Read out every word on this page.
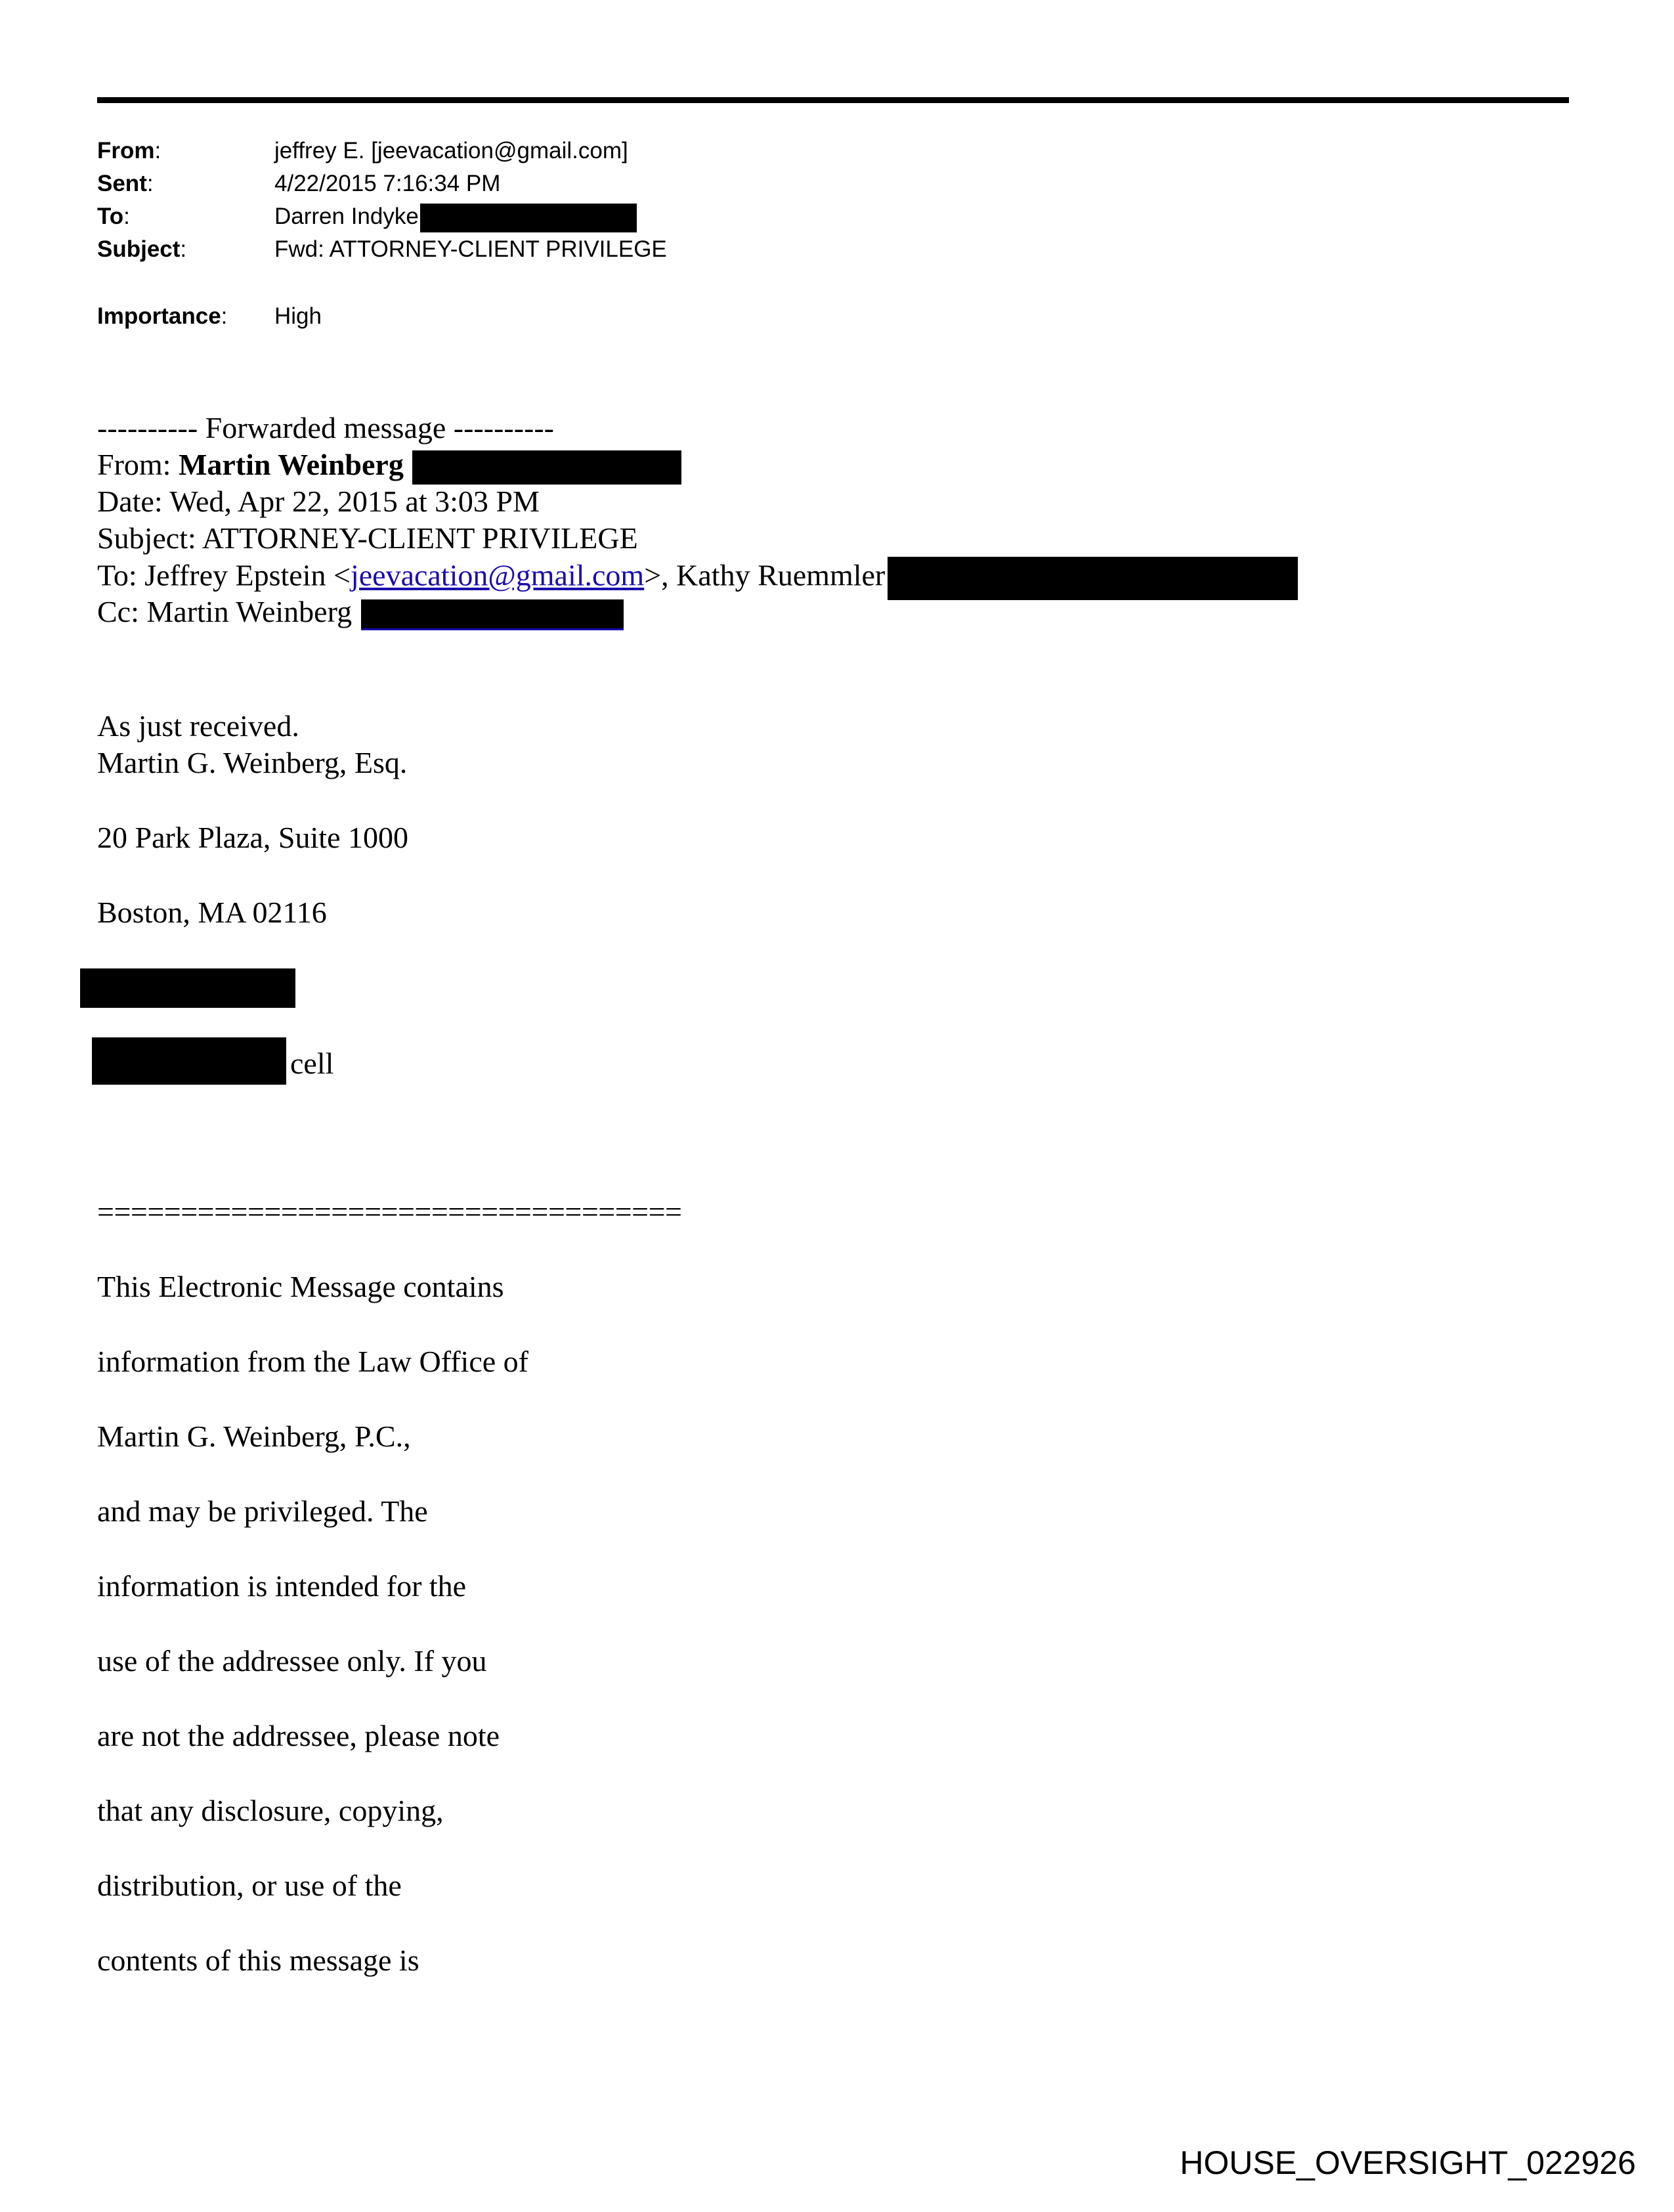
From:	jeffrey E. [jeevacation@gmail.com]
Sent:	4/22/2015 7:16:34 PM
To:	Darren Indyke
Subject:	Fwd: ATTORNEY-CLIENT PRIVILEGE
Importance: High
---------- Forwarded message ----------
From: Martin Weinberg
Date: Wed, Apr 22, 2015 at 3:03 PM
Subject: ATTORNEY-CLIENT PRIVILEGE
To: Jeffrey Epstein <jeevacation@gmail.com>, Kathy Ruemmler
Cc: Martin Weinberg
As just received.
Martin G. Weinberg, Esq.
20 Park Plaza, Suite 1000
Boston, MA 02116
cell
===================================
This Electronic Message contains
information from the Law Office of
Martin G. Weinberg, P.C.,
and may be privileged. The
information is intended for the
use of the addressee only. If you
are not the addressee, please note
that any disclosure, copying,
distribution, or use of the
contents of this message is
HOUSE_OVERSIGHT_022926
